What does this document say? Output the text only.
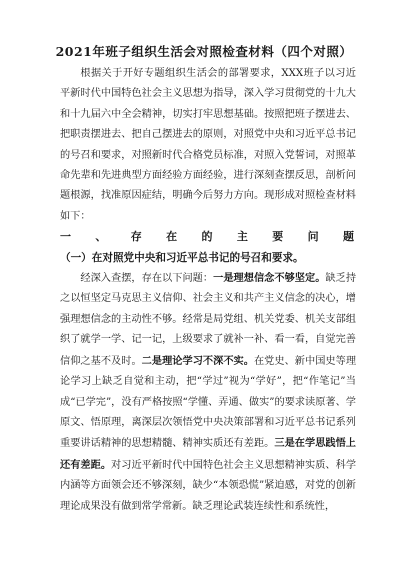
2021年班子组织生活会对照检查材料（四个对照）

根据关于开好专题组织生活会的部署要求，XXX班子以习近平新时代中国特色社会主义思想为指导，深入学习贯彻党的十九大和十九届六中全会精神，切实打牢思想基础。按照把班子摆进去、把职责摆进去、把自己摆进去的原则，对照党中央和习近平总书记的号召和要求，对照新时代合格党员标准，对照入党誓词，对照革命先辈和先进典型方面经验方面经验，进行深刻查摆反思，剖析问题根源，找准原因症结，明确今后努力方向。现形成对照检查材料如下：

一、存在的主要问题

（一）在对照党中央和习近平总书记的号召和要求。

经深入查摆，存在以下问题：一是理想信念不够坚定。缺乏持之以恒坚定马克思主义信仰、社会主义和共产主义信念的决心，增强理想信念的主动性不够。经常是局党组、机关党委、机关支部组织了就学一学、记一记，上级要求了就补一补、看一看，自觉完善信仰之基不及时。二是理论学习不深不实。在党史、新中国史等理论学习上缺乏自觉和主动，把“学过”视为“学好”，把“作笔记”当成“已学完”，没有严格按照“学懂、弄通、做实”的要求读原著、学原文、悟原理，离深层次领悟党中央决策部署和习近平总书记系列重要讲话精神的思想精髓、精神实质还有差距。三是在学思践悟上还有差距。对习近平新时代中国特色社会主义思想精神实质、科学内涵等方面领会还不够深刻，缺少“本领恐慌”紧迫感，对党的创新理论成果没有做到常学常新。缺乏理论武装连续性和系统性，
